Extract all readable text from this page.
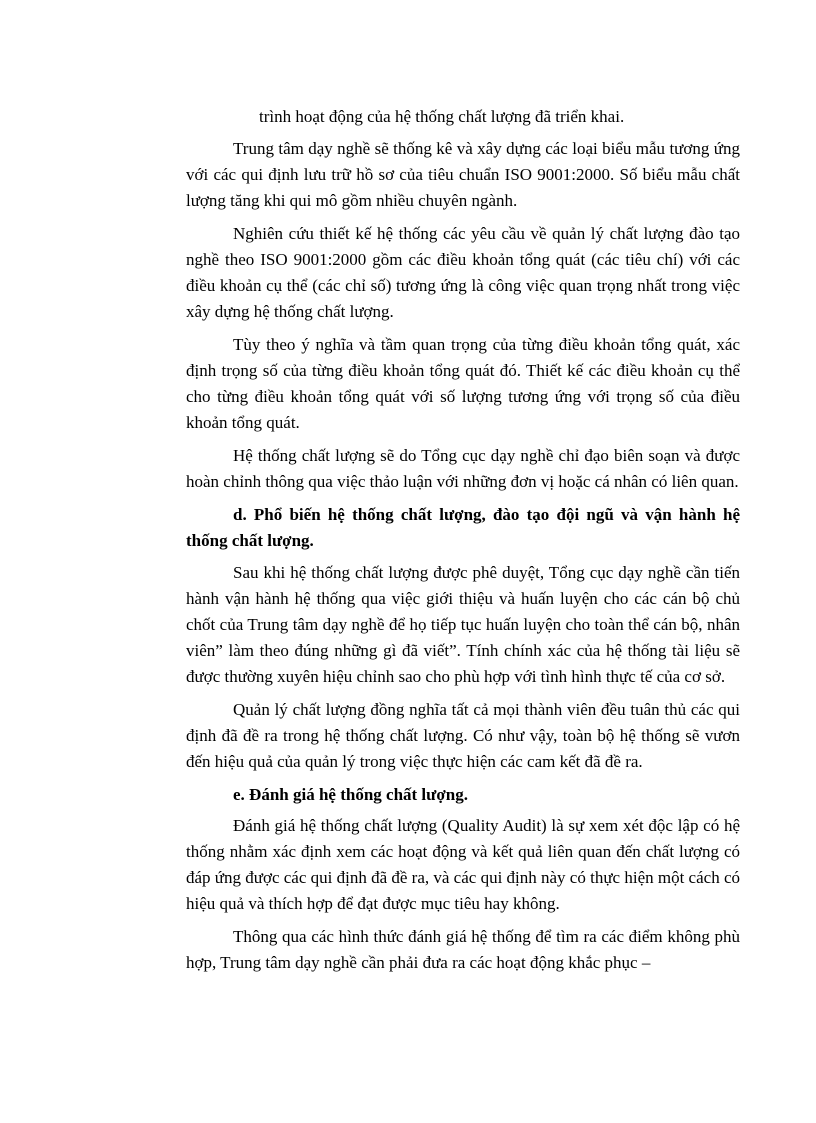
trình hoạt động của hệ thống chất lượng đã triển khai.

Trung tâm dạy nghề sẽ thống kê và xây dựng các loại biểu mẫu tương ứng với các qui định lưu trữ hồ sơ của tiêu chuẩn ISO 9001:2000. Số biểu mẫu chất lượng tăng khi qui mô gồm nhiều chuyên ngành.

Nghiên cứu thiết kế hệ thống các yêu cầu về quản lý chất lượng đào tạo nghề theo ISO 9001:2000 gồm các điều khoản tổng quát (các tiêu chí) với các điều khoản cụ thể (các chỉ số) tương ứng là công việc quan trọng nhất trong việc xây dựng hệ thống chất lượng.

Tùy theo ý nghĩa và tầm quan trọng của từng điều khoản tổng quát, xác định trọng số của từng điều khoản tổng quát đó. Thiết kế các điều khoản cụ thể cho từng điều khoản tổng quát với số lượng tương ứng với trọng số của điều khoản tổng quát.

Hệ thống chất lượng sẽ do Tổng cục dạy nghề chỉ đạo biên soạn và được hoàn chỉnh thông qua việc thảo luận với những đơn vị hoặc cá nhân có liên quan.

d. Phổ biến hệ thống chất lượng, đào tạo đội ngũ và vận hành hệ thống chất lượng.

Sau khi hệ thống chất lượng được phê duyệt, Tổng cục dạy nghề cần tiến hành vận hành hệ thống qua việc giới thiệu và huấn luyện cho các cán bộ chủ chốt của Trung tâm dạy nghề để họ tiếp tục huấn luyện cho toàn thể cán bộ, nhân viên” làm theo đúng những gì đã viết”. Tính chính xác của hệ thống tài liệu sẽ được thường xuyên hiệu chỉnh sao cho phù hợp với tình hình thực tế của cơ sở.

Quản lý chất lượng đồng nghĩa tất cả mọi thành viên đều tuân thủ các qui định đã đề ra trong hệ thống chất lượng. Có như vậy, toàn bộ hệ thống sẽ vươn đến hiệu quả của quản lý trong việc thực hiện các cam kết đã đề ra.

e. Đánh giá hệ thống chất lượng.

Đánh giá hệ thống chất lượng (Quality Audit) là sự xem xét độc lập có hệ thống nhằm xác định xem các hoạt động và kết quả liên quan đến chất lượng có đáp ứng được các qui định đã đề ra, và các qui định này có thực hiện một cách có hiệu quả và thích hợp để đạt được mục tiêu hay không.

Thông qua các hình thức đánh giá hệ thống để tìm ra các điểm không phù hợp, Trung tâm dạy nghề cần phải đưa ra các hoạt động khắc phục –
